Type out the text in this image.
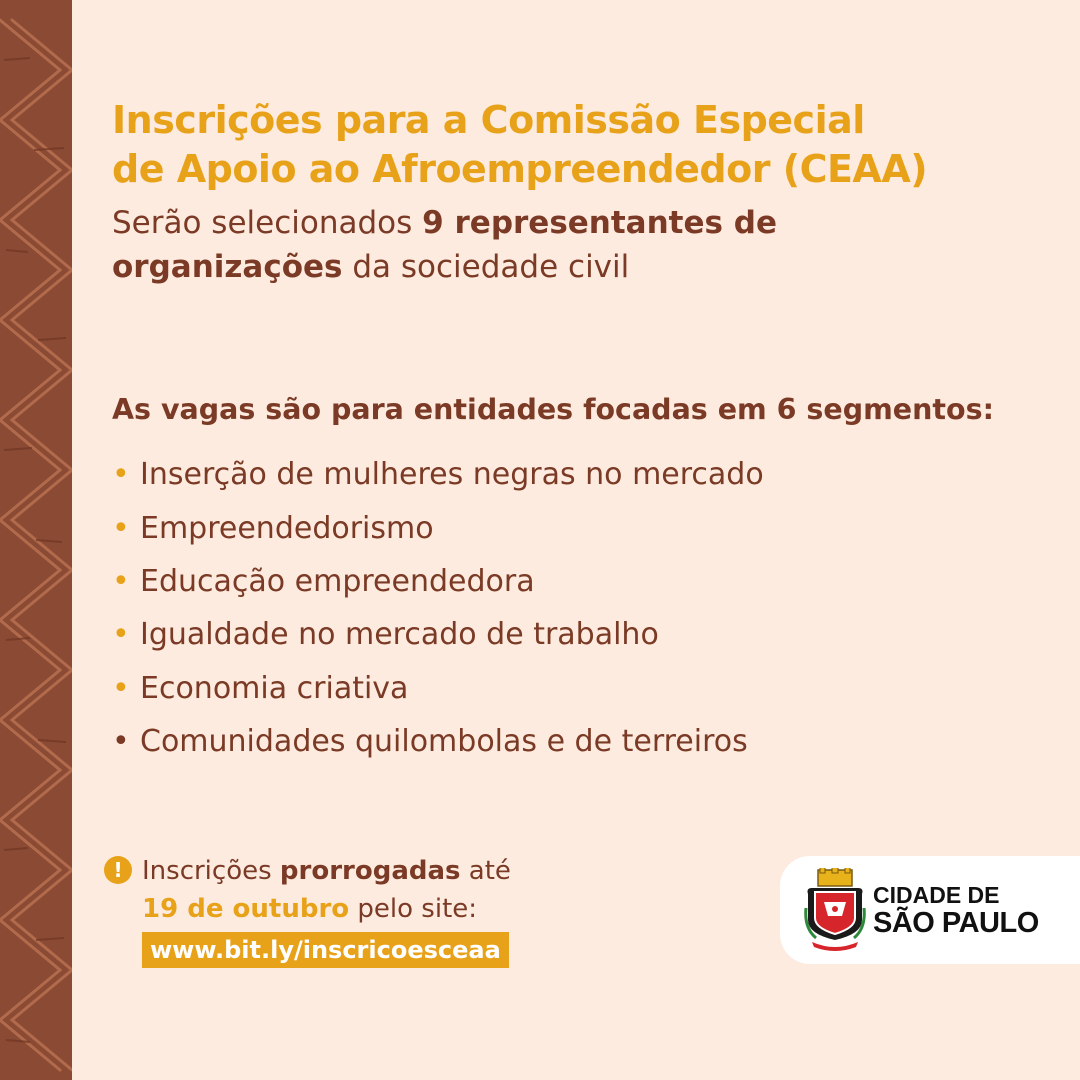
Inscrições para a Comissão Especial
de Apoio ao Afroempreendedor (CEAA)

Serão selecionados 9 representantes de
organizações da sociedade civil

As vagas são para entidades focadas em 6 segmentos:
• Inserção de mulheres negras no mercado
• Empreendedorismo
• Educação empreendedora
• Igualdade no mercado de trabalho
• Economia criativa
• Comunidades quilombolas e de terreiros
! Inscrições prorrogadas até
19 de outubro pelo site:
www.bit.ly/inscricoesceaa
CIDADE DE
SÃO PAULO
